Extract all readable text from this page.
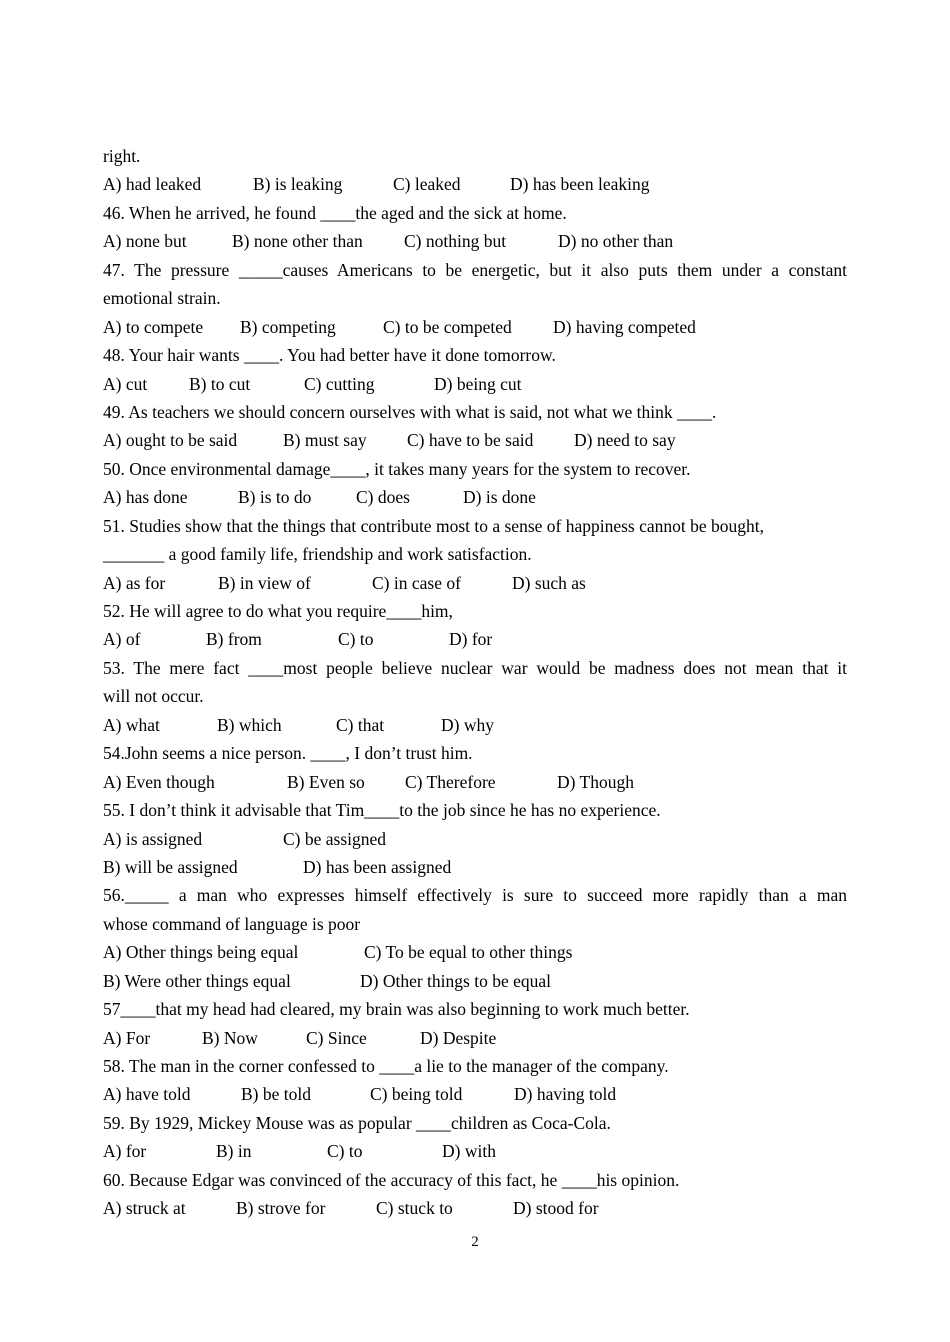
right.
A) had leaked	B) is leaking	C) leaked	D) has been leaking
46. When he arrived, he found ____the aged and the sick at home.
A) none but	B) none other than C) nothing but	D) no other than
47. The pressure _____causes Americans to be energetic, but it also puts them under a constant
emotional strain.
A) to compete B) competing	C) to be competed D) having competed
48. Your hair wants ____. You had better have it done tomorrow.
A) cut B) to cut	C) cutting	D) being cut
49. As teachers we should concern ourselves with what is said, not what we think ____.
A) ought to be said	B) must say C) have to be said D) need to say
50. Once environmental damage____, it takes many years for the system to recover.
A) has done	B) is to do	C) does	D) is done
51. Studies show that the things that contribute most to a sense of happiness cannot be bought,
_______ a good family life, friendship and work satisfaction.
A) as for	B) in view of	C) in case of	D) such as
52. He will agree to do what you require____him,
A) of	B) from	C) to	D) for
53. The mere fact ____most people believe nuclear war would be madness does not mean that it
will not occur.
A) what	B) which	C) that	D) why
54.John seems a nice person. ____, I don’t trust him.
A) Even though	B) Even so C) Therefore	D) Though
55. I don’t think it advisable that Tim____to the job since he has no experience.
A) is assigned	C) be assigned
B) will be assigned	D) has been assigned
56._____ a man who expresses himself effectively is sure to succeed more rapidly than a man
whose command of language is poor
A) Other things being equal	C) To be equal to other things
B) Were other things equal	D) Other things to be equal
57____that my head had cleared, my brain was also beginning to work much better.
A) For	B) Now	C) Since	D) Despite
58. The man in the corner confessed to ____a lie to the manager of the company.
A) have told	B) be told	C) being told	D) having told
59. By 1929, Mickey Mouse was as popular ____children as Coca-Cola.
A) for	B) in	C) to	D) with
60. Because Edgar was convinced of the accuracy of this fact, he ____his opinion.
A) struck at	B) strove for	C) stuck to	D) stood for
2
